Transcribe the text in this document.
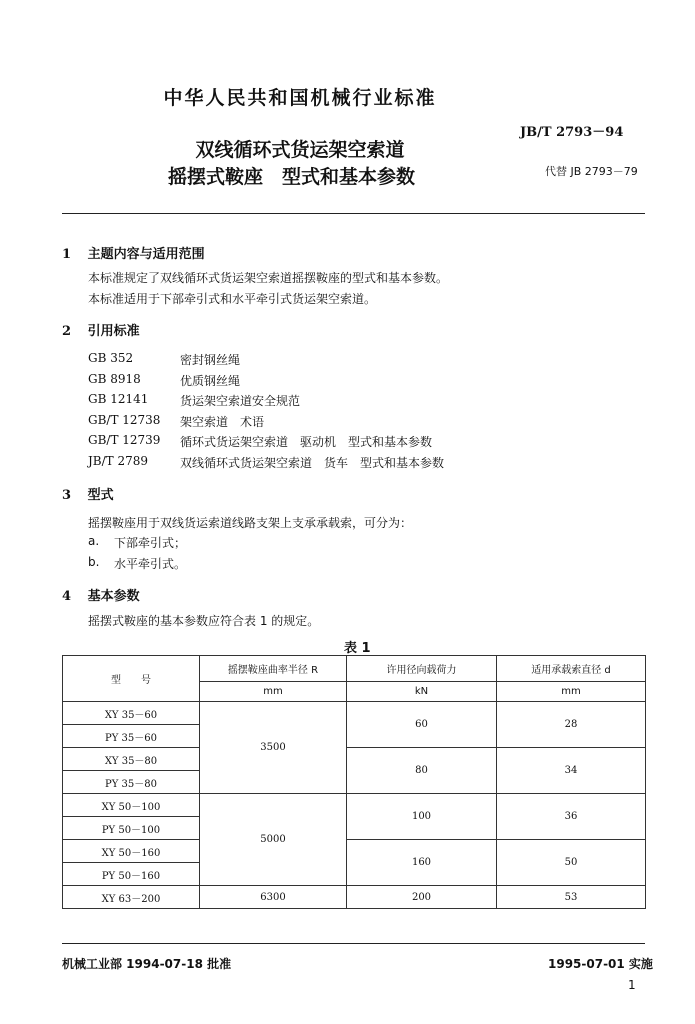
中华人民共和国机械行业标准
JB/T 2793－94
双线循环式货运架空索道
摇摆式鞍座　型式和基本参数	代替 JB 2793－79
1 主题内容与适用范围
本标准规定了双线循环式货运架空索道摇摆鞍座的型式和基本参数。
本标准适用于下部牵引式和水平牵引式货运架空索道。
2 引用标准
GB 352	密封钢丝绳
GB 8918	优质钢丝绳
GB 12141	货运架空索道安全规范
GB/T 12738 架空索道　术语
GB/T 12739 循环式货运架空索道　驱动机　型式和基本参数
JB/T 2789	双线循环式货运架空索道　货车　型式和基本参数
3 型式
摇摆鞍座用于双线货运索道线路支架上支承承载索，可分为：
a. 下部牵引式；
b. 水平牵引式。
4 基本参数
摇摆式鞍座的基本参数应符合表 1 的规定。
表 1
型　　号	摇摆鞍座曲率半径 R	许用径向载荷力	适用承载索直径 d
	mm	kN	mm
XY 35－60	3500	60	28
PY 35－60			
XY 35－80		80	34
PY 35－80			
XY 50－100	5000	100	36
PY 50－100			
XY 50－160		160	50
PY 50－160			
XY 63－200	6300	200	53
机械工业部 1994-07-18 批准	1995-07-01 实施
1
